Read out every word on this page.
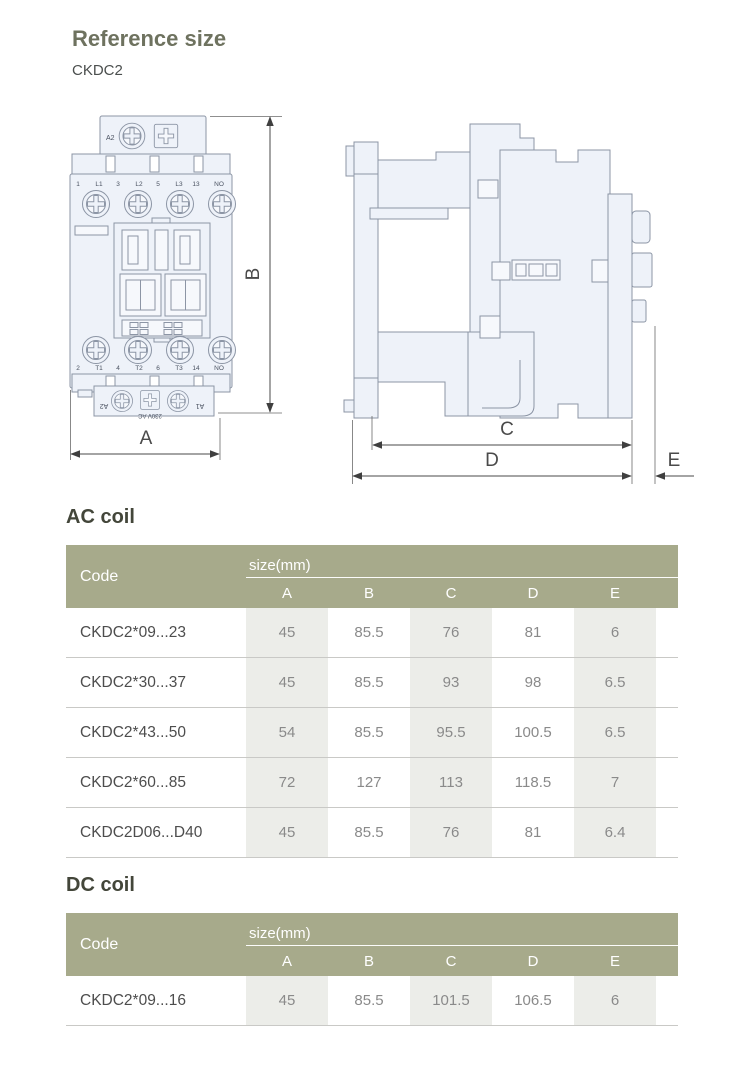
Reference size
CKDC2
A2
1 L1 3 L2 5 L3 13 NO
2 T1 4 T2 6 T3 14 NO
A2	A1
230V AC
B
A	C
D	E
AC coil
Code
size(mm)
A	B	C	D	E
CKDC2*09...23	45	85.5	76	81	6
CKDC2*30...37	45	85.5	93	98	6.5
CKDC2*43...50	54	85.5	95.5	100.5	6.5
CKDC2*60...85	72	127	113	118.5	7
CKDC2D06...D40	45	85.5	76	81	6.4
DC coil
Code
size(mm)
A	B	C	D	E
CKDC2*09...16	45	85.5	101.5	106.5	6
